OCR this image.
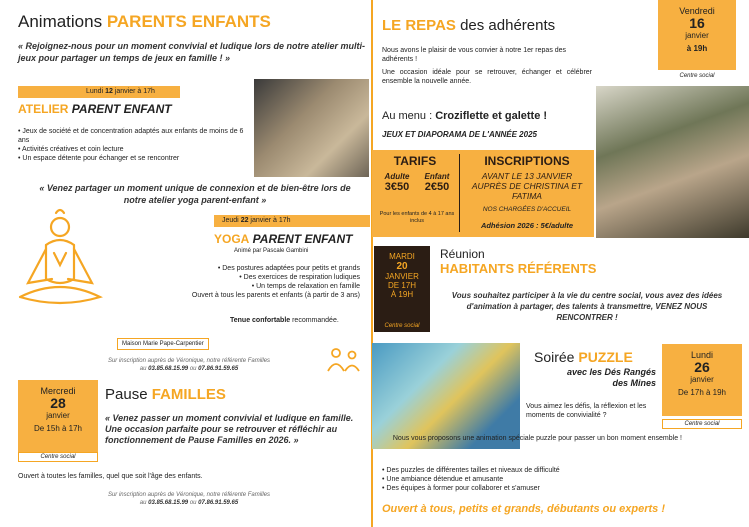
Animations PARENTS ENFANTS
« Rejoignez-nous pour un moment convivial et ludique lors de notre atelier multi-jeux pour partager un temps de jeux en famille ! »
Lundi 12 janvier à 17h
ATELIER PARENT ENFANT
• Jeux de société et de concentration adaptés aux enfants de moins de 6 ans
• Activités créatives et coin lecture
• Un espace détente pour échanger et se rencontrer
« Venez partager un moment unique de connexion et de bien-être lors de notre atelier yoga parent-enfant »
Jeudi 22 janvier à 17h
YOGA PARENT ENFANT
Animé par Pascale Gambini
• Des postures adaptées pour petits et grands
• Des exercices de respiration ludiques
• Un temps de relaxation en famille
Ouvert à tous les parents et enfants (à partir de 3 ans)
Tenue confortable recommandée.
Maison Marie Pape-Carpentier
Sur inscription auprès de Véronique, notre référente Familles
au 03.85.68.15.99 ou 07.86.91.59.65
Mercredi
28
janvier
De 15h à 17h
Centre social
Pause FAMILLES
« Venez passer un moment convivial et ludique en famille. Une occasion parfaite pour se retrouver et réfléchir au fonctionnement de Pause Familles en 2026. »
Ouvert à toutes les familles, quel que soit l'âge des enfants.
Sur inscription auprès de Véronique, notre référente Familles
au 03.85.68.15.99 ou 07.86.91.59.65
LE REPAS des adhérents
Vendredi
16
janvier
à 19h
Centre social
Nous avons le plaisir de vous convier à notre 1er repas des adhérents !
Une occasion idéale pour se retrouver, échanger et célébrer ensemble la nouvelle année.
Au menu : Croziflette et galette !
JEUX ET DIAPORAMA DE L'ANNÉE 2025
TARIFS
Adulte
3€50
Enfant
2€50
Pour les enfants de 4 à 17 ans inclus
INSCRIPTIONS
AVANT LE 13 JANVIER AUPRÈS DE CHRISTINA ET FATIMA
NOS CHARGÉES D'ACCUEIL
Adhésion 2026 : 5€/adulte
MARDI
20
JANVIER
DE 17H
À 19H
Centre social
Réunion
HABITANTS RÉFÉRENTS
Vous souhaitez participer à la vie du centre social, vous avez des idées d'animation à partager, des talents à transmettre, VENEZ NOUS RENCONTRER !
Soirée PUZZLE
avec les Dés Rangés
des Mines
Lundi
26
janvier
De 17h à 19h
Centre social
Vous aimez les défis, la réflexion et les moments de convivialité ?
Nous vous proposons une animation spéciale puzzle pour passer un bon moment ensemble !
• Des puzzles de différentes tailles et niveaux de difficulté
• Une ambiance détendue et amusante
• Des équipes à former pour collaborer et s'amuser
Ouvert à tous, petits et grands, débutants ou experts !
